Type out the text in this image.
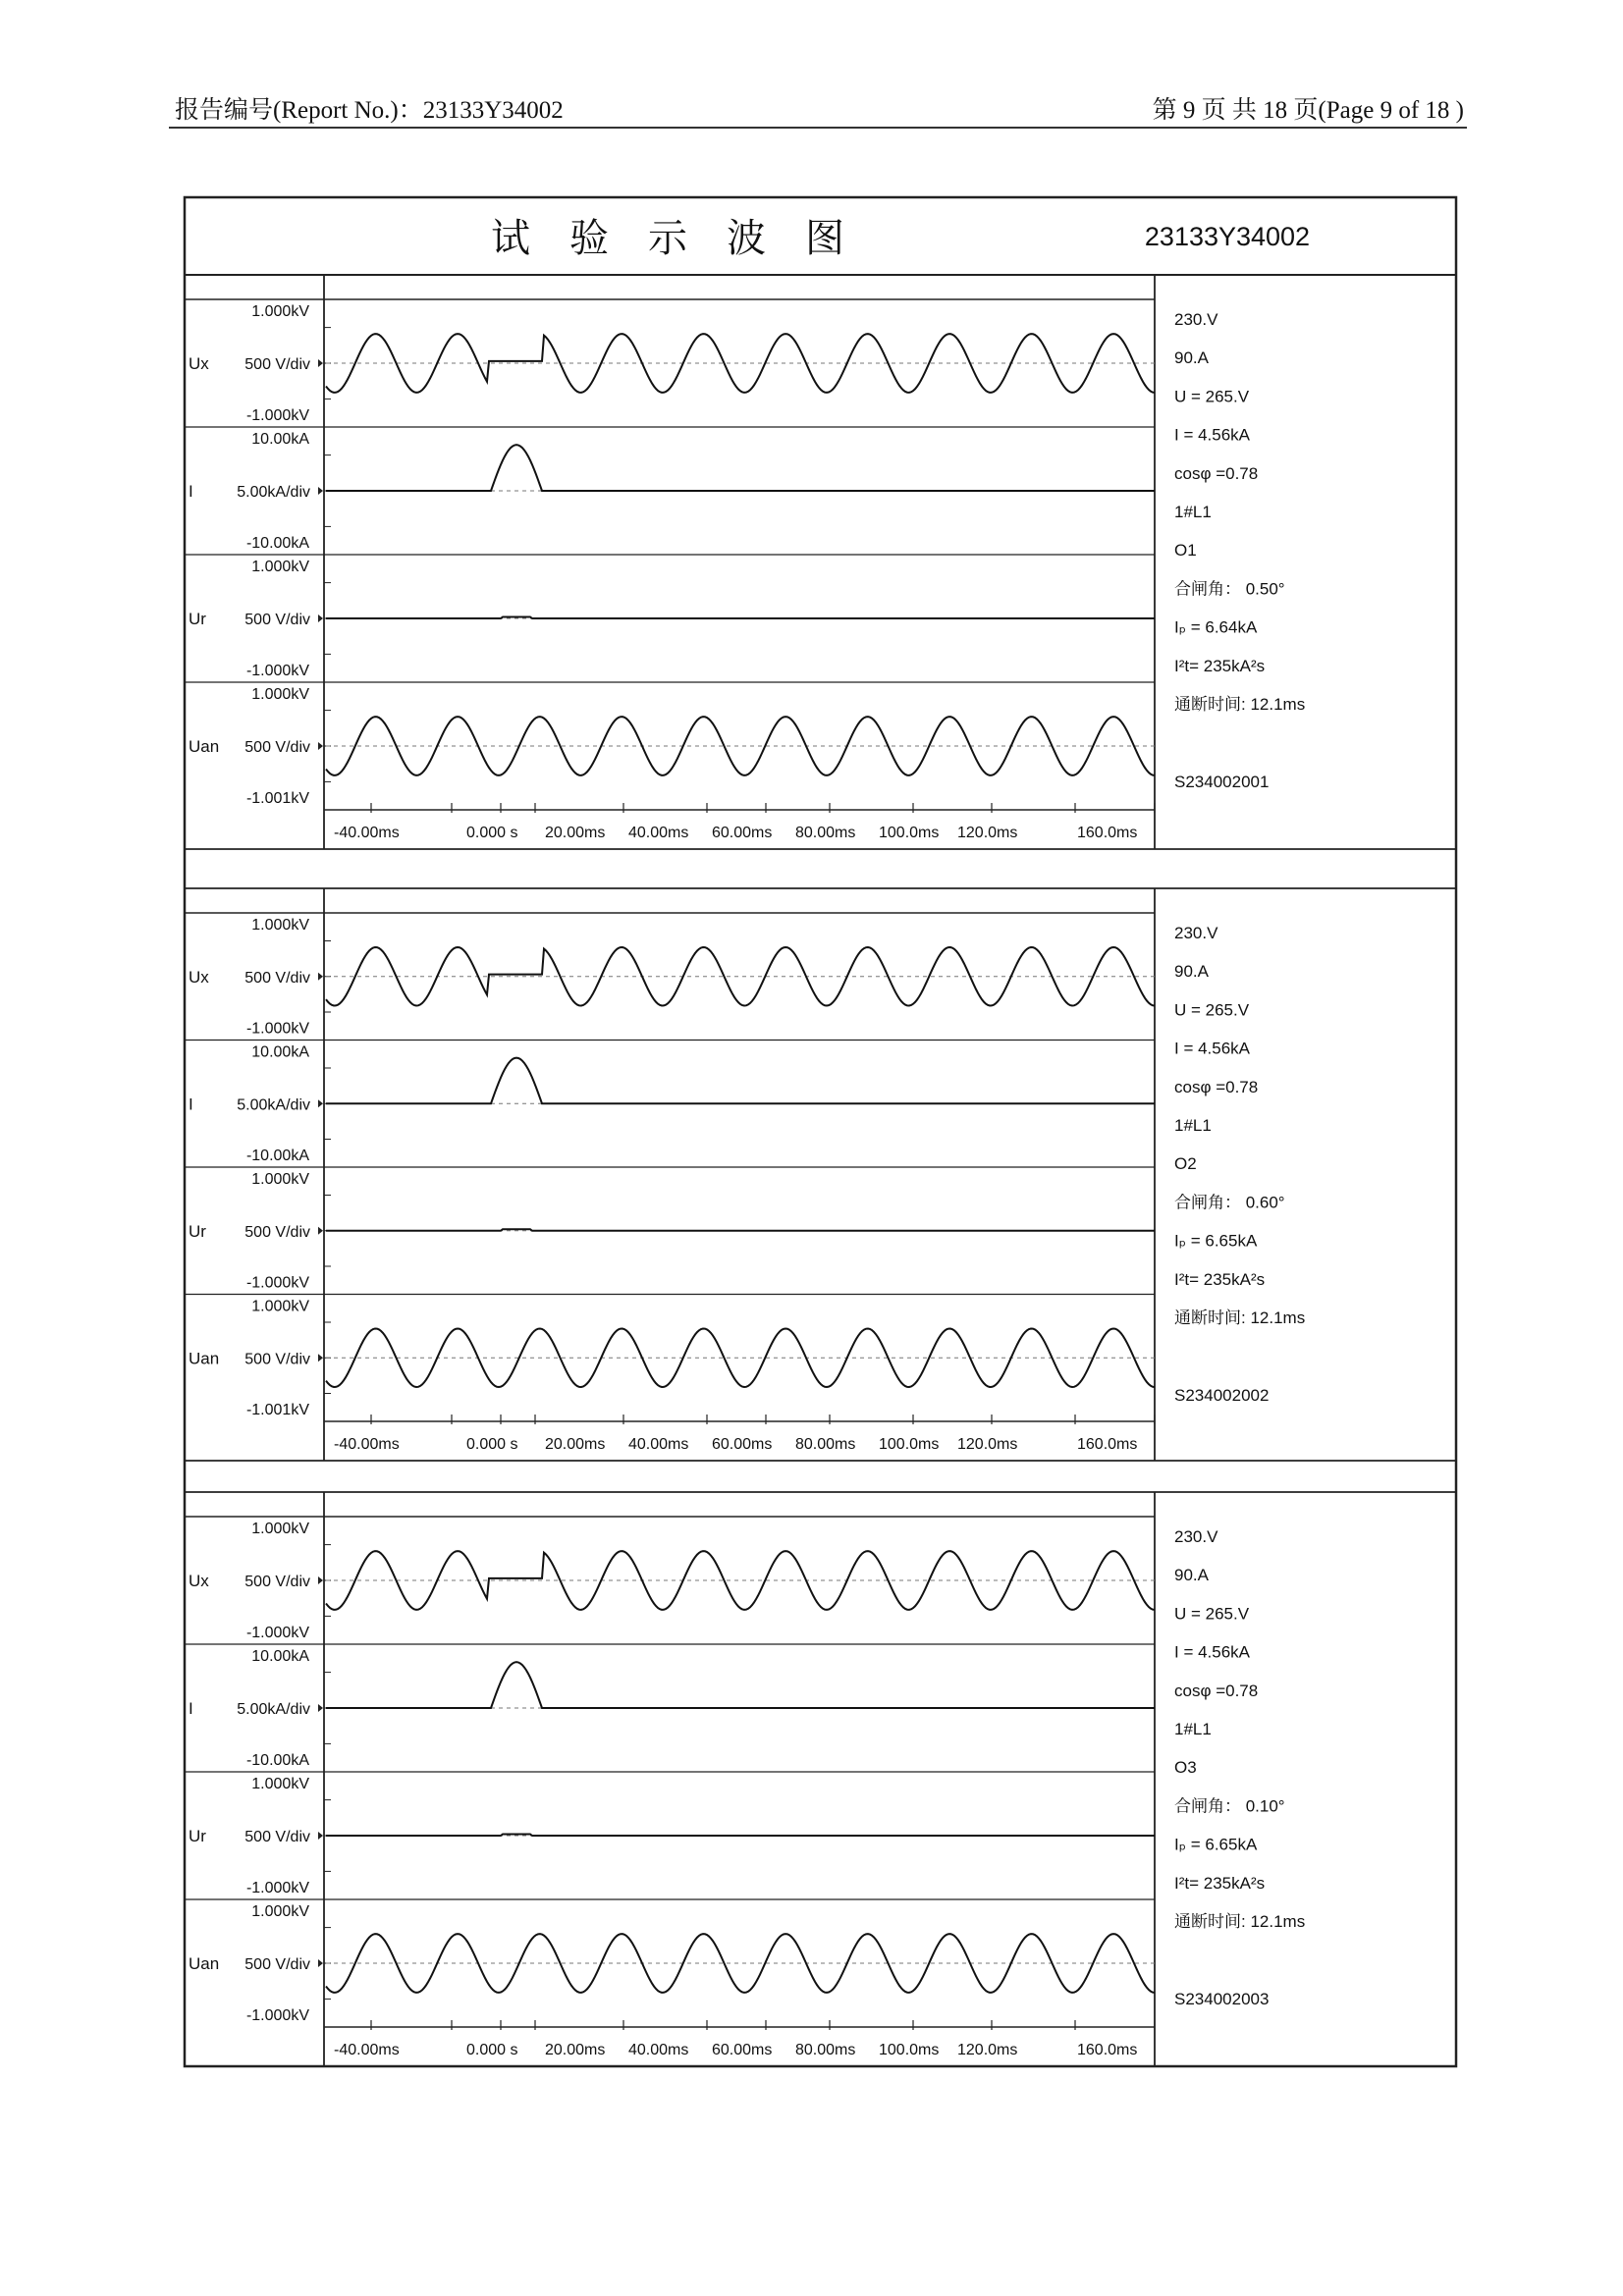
报告编号(Report No.)：23133Y34002	第 9 页 共 18 页(Page 9 of 18 )
试　验　示　波　图	23133Y34002
1.000kV
-1.000kV
Ux 500 V/div
10.00kA
-10.00kA
I	5.00kA/div
1.000kV
-1.000kV
Ur 500 V/div
1.000kV
-1.001kV
Uan 500 V/div
-40.00ms	0.000 s 20.00ms 40.00ms 60.00ms 80.00ms 100.0ms 120.0ms	160.0ms
230.V
90.A
U = 265.V
I = 4.56kA
cosφ =0.78
1#L1
O1
合闸角： 0.50°
Iₚ = 6.64kA
I²t= 235kA²s
通断时间: 12.1ms
S234002001
1.000kV
-1.000kV
Ux 500 V/div
10.00kA
-10.00kA
I	5.00kA/div
1.000kV
-1.000kV
Ur 500 V/div
1.000kV
-1.001kV
Uan 500 V/div
-40.00ms	0.000 s 20.00ms 40.00ms 60.00ms 80.00ms 100.0ms 120.0ms	160.0ms
230.V
90.A
U = 265.V
I = 4.56kA
cosφ =0.78
1#L1
O2
合闸角： 0.60°
Iₚ = 6.65kA
I²t= 235kA²s
通断时间: 12.1ms
S234002002
1.000kV
-1.000kV
Ux 500 V/div
10.00kA
-10.00kA
I	5.00kA/div
1.000kV
-1.000kV
Ur 500 V/div
1.000kV
-1.000kV
Uan 500 V/div
-40.00ms	0.000 s 20.00ms 40.00ms 60.00ms 80.00ms 100.0ms 120.0ms	160.0ms
230.V
90.A
U = 265.V
I = 4.56kA
cosφ =0.78
1#L1
O3
合闸角： 0.10°
Iₚ = 6.65kA
I²t= 235kA²s
通断时间: 12.1ms
S234002003
